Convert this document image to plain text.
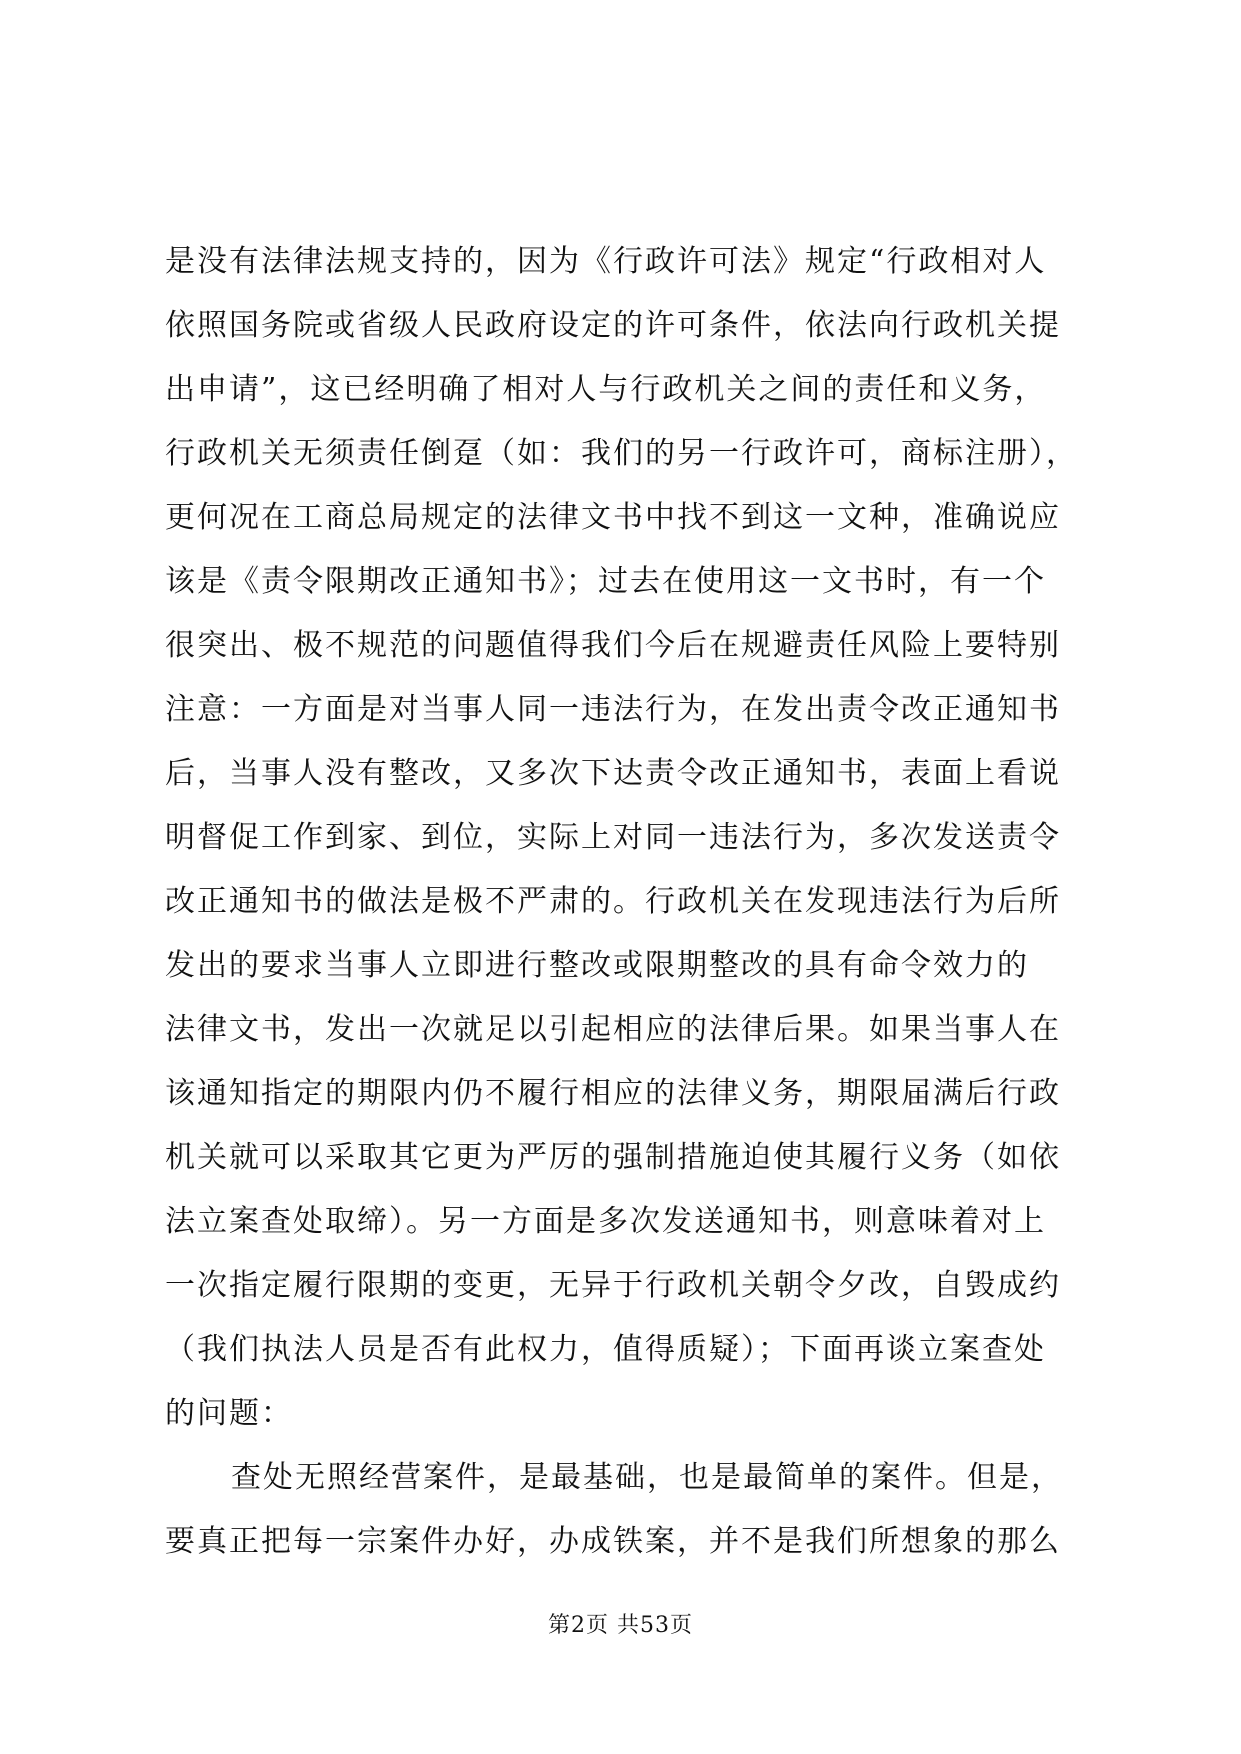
是没有法律法规支持的，因为《行政许可法》规定“行政相对人
依照国务院或省级人民政府设定的许可条件，依法向行政机关提
出申请”，这已经明确了相对人与行政机关之间的责任和义务，
行政机关无须责任倒趸（如：我们的另一行政许可，商标注册），
更何况在工商总局规定的法律文书中找不到这一文种，准确说应
该是《责令限期改正通知书》；过去在使用这一文书时，有一个
很突出、极不规范的问题值得我们今后在规避责任风险上要特别
注意：一方面是对当事人同一违法行为，在发出责令改正通知书
后，当事人没有整改，又多次下达责令改正通知书，表面上看说
明督促工作到家、到位，实际上对同一违法行为，多次发送责令
改正通知书的做法是极不严肃的。行政机关在发现违法行为后所
发出的要求当事人立即进行整改或限期整改的具有命令效力的
法律文书，发出一次就足以引起相应的法律后果。如果当事人在
该通知指定的期限内仍不履行相应的法律义务，期限届满后行政
机关就可以采取其它更为严厉的强制措施迫使其履行义务（如依
法立案查处取缔）。另一方面是多次发送通知书，则意味着对上
一次指定履行限期的变更，无异于行政机关朝令夕改，自毁成约
（我们执法人员是否有此权力，值得质疑）；下面再谈立案查处
的问题：
查处无照经营案件，是最基础，也是最简单的案件。但是，
要真正把每一宗案件办好，办成铁案，并不是我们所想象的那么
第2页 共53页
